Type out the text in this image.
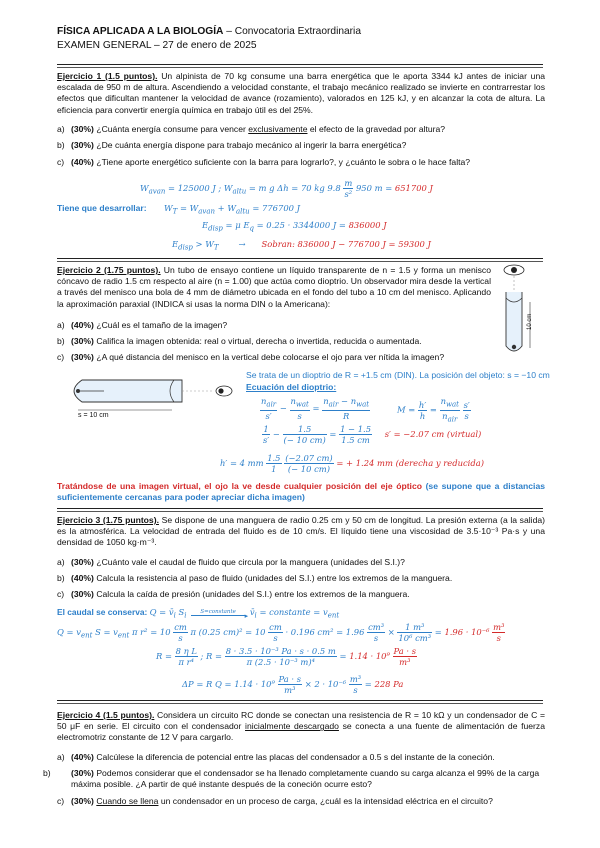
FÍSICA APLICADA A LA BIOLOGÍA – Convocatoria Extraordinaria
EXAMEN GENERAL – 27 de enero de 2025
Ejercicio 1 (1.5 puntos). Un alpinista de 70 kg consume una barra energética que le aporta 3344 kJ antes de iniciar una escalada de 950 m de altura. Ascendiendo a velocidad constante, el trabajo mecánico realizado se invierte en contrarrestar los efectos que dificultan mantener la velocidad de avance (rozamiento), valorados en 125 kJ, y en alcanzar la cota de altura. La eficiencia para convertir energía química en trabajo útil es del 25%.
a) (30%) ¿Cuánta energía consume para vencer exclusivamente el efecto de la gravedad por altura?
b) (30%) ¿De cuánta energía dispone para trabajo mecánico al ingerir la barra energética?
c) (40%) ¿Tiene aporte energético suficiente con la barra para lograrlo?, y ¿cuánto le sobra o le hace falta?
$W_{avan} = 125000$ J ; $W_{altu} = m$ g Δh = 70 kg $9.8 \frac{m}{\text{s²}} 950$ m = 651700 J
Tiene que desarrollar: $W_T = W_{avan} + W_{altu} = 776700$ J
$E_{disp} = \mu$ $E_q = 0.25 \cdot 3344000$ J = 836000 J
$E_{disp} > W_T$ → Sobran: 836000 J − 776700 J = 59300 J
Ejercicio 2 (1.75 puntos). Un tubo de ensayo contiene un líquido transparente de n = 1.5 y forma un menisco cóncavo de radio 1.5 cm respecto al aire (n = 1.00) que actúa como dioptrio. Un observador mira desde la vertical a través del menisco una bola de 4 mm de diámetro ubicada en el fondo del tubo a 10 cm del menisco. Aplicando la aproximación paraxial (INDICA si usas la norma DIN o la Americana):
a) (40%) ¿Cuál es el tamaño de la imagen?
b) (30%) Califica la imagen obtenida: real o virtual, derecha o invertida, reducida o aumentada.
c) (30%) ¿A qué distancia del menisco en la vertical debe colocarse el ojo para ver nítida la imagen?
10 cm
s = 10 cm
Se trata de un dioptrio de R = +1.5 cm (DIN). La posición del objeto: s = −10 cm
Ecuación del dioptrio:
$\frac{n_{air}}{s'} - \frac{n_{wat}}{s} = \frac{n_{air} - n_{wat}}{R}$	$M = \frac{h'}{h} = \frac{n_{wat}}{n_{air}}$
$\frac{s'}{s}$
$\frac{1}{s'} - \frac{1.5}{(- 10 cm)} = \frac{1 - 1.5}{1.5 cm} s' = -2.07$ cm (virtual)
h′ = 4 mm $\frac{1.5}{1}$
$\frac{(-2.07 cm)}{(- 10 cm)}$ = + 1.24 mm (derecha y reducida)
Tratándose de una imagen virtual, el ojo la ve desde cualquier posición del eje óptico (se supone que a distancias suficientemente cercanas para poder apreciar dicha imagen)
Ejercicio 3 (1.75 puntos). Se dispone de una manguera de radio 0.25 cm y 50 cm de longitud. La presión externa (a la salida) es la atmosférica. La velocidad de entrada del fluido es de 10 cm/s. El líquido tiene una viscosidad de 3.5·10⁻³ Pa·s y una densidad de 1050 kg·m⁻³.
a) (30%) ¿Cuánto vale el caudal de fluido que circula por la manguera (unidades del S.I.)?
b) (40%) Calcula la resistencia al paso de fluido (unidades del S.I.) entre los extremos de la manguera.
c) (30%) Calcula la caída de presión (unidades del S.I.) entre los extremos de la manguera.
El caudal se conserva: $Q = v̄_i$ $S_i$	S=constante	▸ $v̄_i$ = constante = $v_{ent}$
$Q = v_{ent}$ $S = v_{ent}$ π $r^2 = 10 \frac{cm}{s}$ π (0.25 $cm)^2 = 10 \frac{cm}{s} \cdot 0.196$ $cm^2 = 1.96 \frac{\text{cm³}}{s} \times \frac{\text{1 m³}}{\text{10⁶ cm³}} = 1.96 \cdot 10^{-6} \frac{\text{m³}}{s}$
$R = \frac{\text{8 η L}}{\text{π r⁴}}$ ; $R = \frac{\text{8 · 3.5 · 10⁻³ Pa · s · 0.5 m}}{\text{π (2.5 · 10⁻³ m)⁴}} = 1.14 \cdot 10^9 \frac{Pa \cdot s}{\text{m³}}$
ΔP = R $Q = 1.14 \cdot 10^9 \frac{Pa \cdot s}{\text{m³}} \times 2 \cdot 10^{-6} \frac{\text{m³}}{s} = 228$ Pa
Ejercicio 4 (1.5 puntos). Considera un circuito RC donde se conectan una resistencia de R = 10 kΩ y un condensador de C = 50 μF en serie. El circuito con el condensador inicialmente descargado se conecta a una fuente de alimentación de fuerza electromotriz constante de 12 V para cargarlo.
a) (40%) Calcúlese la diferencia de potencial entre las placas del condensador a 0.5 s del instante de la coneción.
b) (30%) Podemos considerar que el condensador se ha llenado completamente cuando su carga alcanza el 99% de la carga máxima posible. ¿A partir de qué instante después de la coneción ocurre esto?
c) (30%) Cuando se llena un condensador en un proceso de carga, ¿cuál es la intensidad eléctrica en el circuito?
